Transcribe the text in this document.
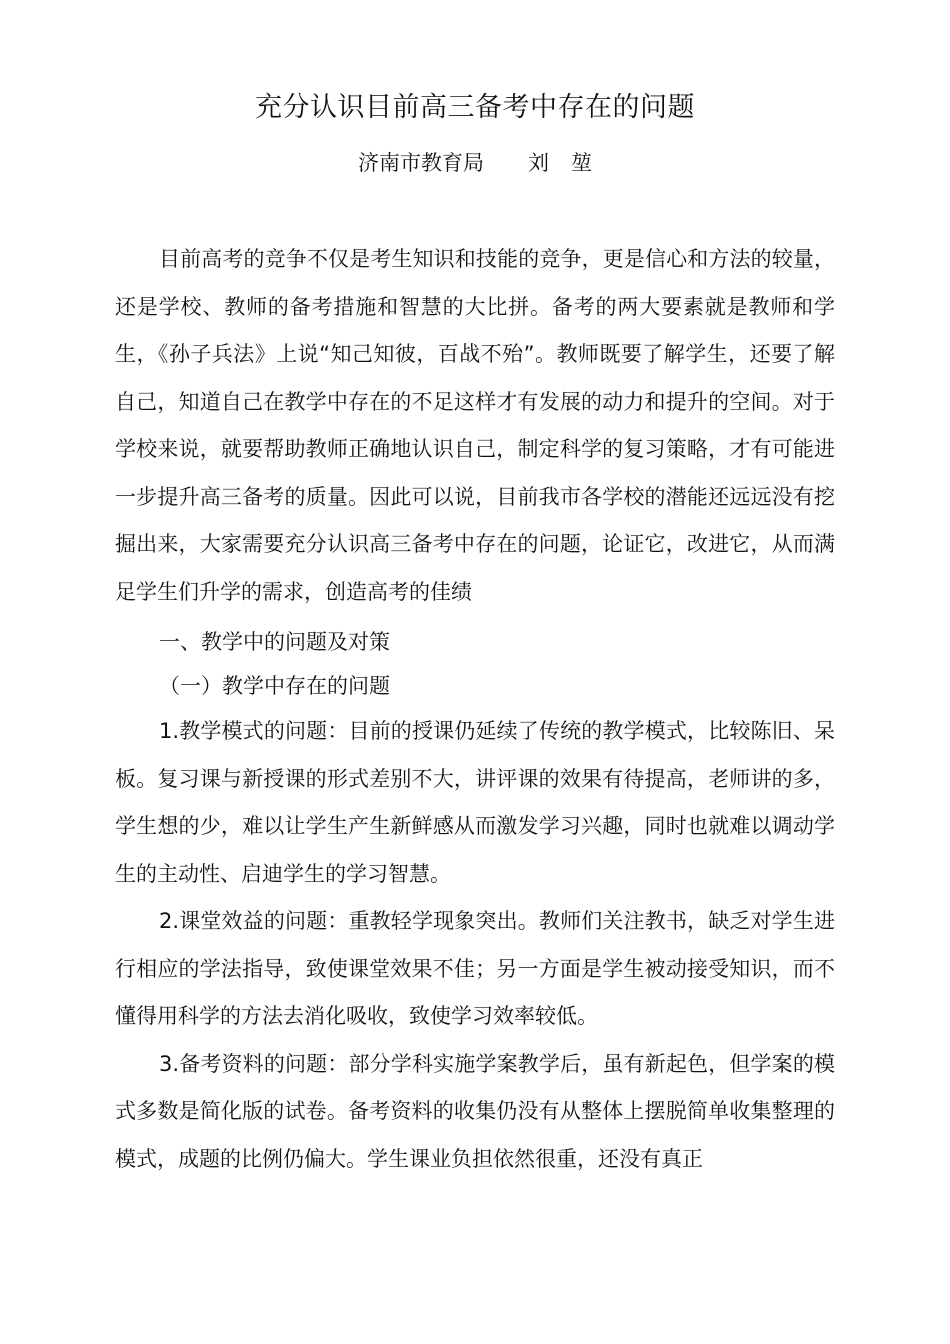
充分认识目前高三备考中存在的问题
济南市教育局 刘 堃

目前高考的竞争不仅是考生知识和技能的竞争，更是信心和方法的较量，还是学校、教师的备考措施和智慧的大比拼。备考的两大要素就是教师和学生，《孙子兵法》上说“知己知彼，百战不殆”。教师既要了解学生，还要了解自己，知道自己在教学中存在的不足这样才有发展的动力和提升的空间。对于学校来说，就要帮助教师正确地认识自己，制定科学的复习策略，才有可能进一步提升高三备考的质量。因此可以说，目前我市各学校的潜能还远远没有挖掘出来，大家需要充分认识高三备考中存在的问题，论证它，改进它，从而满足学生们升学的需求，创造高考的佳绩

一、教学中的问题及对策

（一）教学中存在的问题

1.教学模式的问题：目前的授课仍延续了传统的教学模式，比较陈旧、呆板。复习课与新授课的形式差别不大，讲评课的效果有待提高，老师讲的多，学生想的少，难以让学生产生新鲜感从而激发学习兴趣，同时也就难以调动学生的主动性、启迪学生的学习智慧。

2.课堂效益的问题：重教轻学现象突出。教师们关注教书，缺乏对学生进行相应的学法指导，致使课堂效果不佳；另一方面是学生被动接受知识，而不懂得用科学的方法去消化吸收，致使学习效率较低。

3.备考资料的问题：部分学科实施学案教学后，虽有新起色，但学案的模式多数是简化版的试卷。备考资料的收集仍没有从整体上摆脱简单收集整理的模式，成题的比例仍偏大。学生课业负担依然很重，还没有真正
